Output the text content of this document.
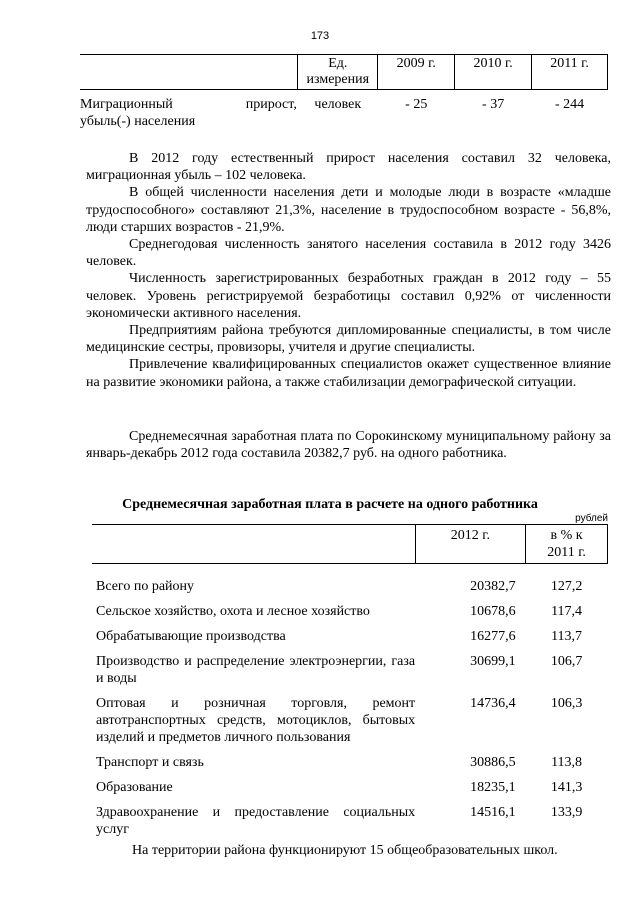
173
	Ед. измерения	2009 г.	2010 г.	2011 г.

Миграционный прирост,
убыль(-) населения	человек	- 25	- 37	- 244

В 2012 году естественный прирост населения составил 32 человека, миграционная убыль – 102 человека.

В общей численности населения дети и молодые люди в возрасте «младше трудоспособного» составляют 21,3%, население в трудоспособном возрасте - 56,8%, люди старших возрастов - 21,9%.

Среднегодовая численность занятого населения составила в 2012 году 3426 человек.

Численность зарегистрированных безработных граждан в 2012 году – 55 человек. Уровень регистрируемой безработицы составил 0,92% от численности экономически активного населения.

Предприятиям района требуются дипломированные специалисты, в том числе медицинские сестры, провизоры, учителя и другие специалисты.

Привлечение квалифицированных специалистов окажет существенное влияние на развитие экономики района, а также стабилизации демографической ситуации.

Среднемесячная заработная плата по Сорокинскому муниципальному району за январь-декабрь 2012 года составила 20382,7 руб. на одного работника.

Среднемесячная заработная плата в расчете на одного работника
рублей
	2012 г.	в % к
2011 г.

Всего по району	20382,7	127,2
Сельское хозяйство, охота и лесное хозяйство	10678,6	117,4
Обрабатывающие производства	16277,6	113,7
Производство и распределение электроэнергии, газа и воды	30699,1	106,7
Оптовая и розничная торговля, ремонт автотранспортных средств, мотоциклов, бытовых изделий и предметов личного пользования	14736,4	106,3
Транспорт и связь	30886,5	113,8
Образование	18235,1	141,3
Здравоохранение и предоставление социальных услуг	14516,1	133,9

На территории района функционируют 15 общеобразовательных школ.
